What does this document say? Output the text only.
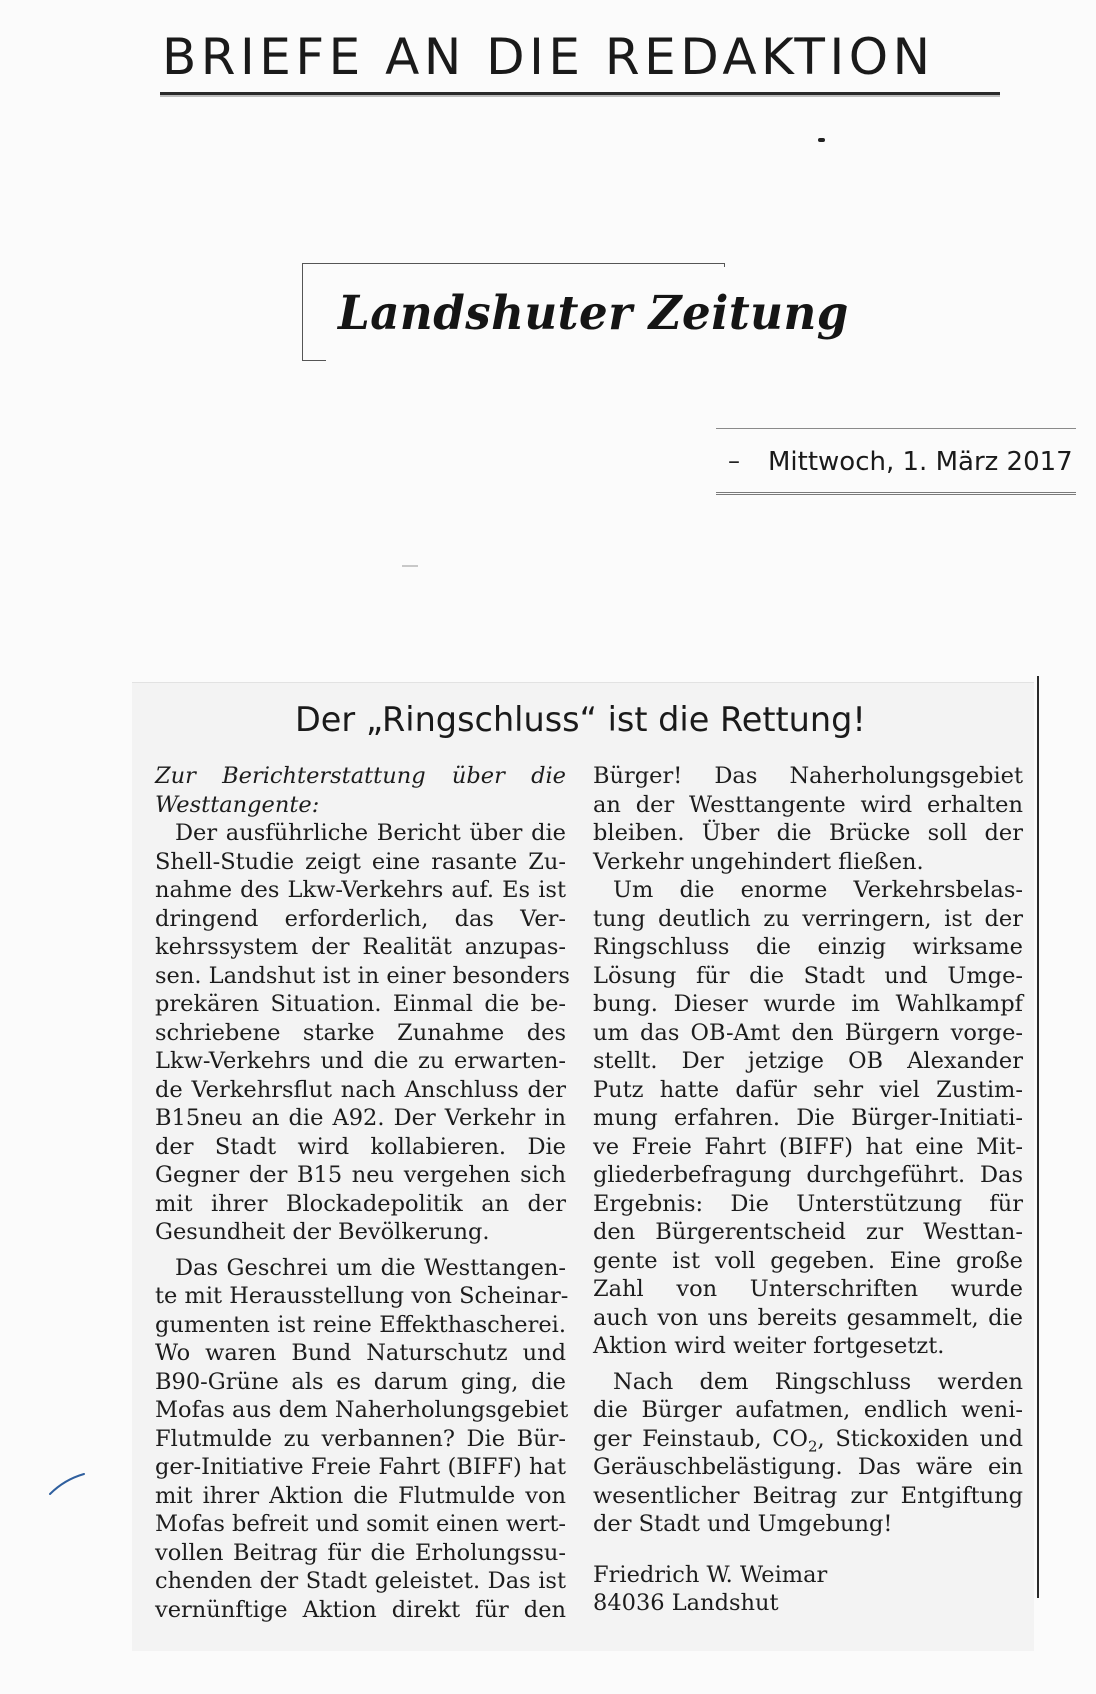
BRIEFE AN DIE REDAKTION
Landshuter Zeitung
– Mittwoch, 1. März 2017
Der „Ringschluss“ ist die Rettung!
Zur Berichterstattung über die
Westtangente:
Der ausführliche Bericht über die
Shell-Studie zeigt eine rasante Zu-
nahme des Lkw-Verkehrs auf. Es ist
dringend erforderlich, das Ver-
kehrssystem der Realität anzupas-
sen. Landshut ist in einer besonders
prekären Situation. Einmal die be-
schriebene starke Zunahme des
Lkw-Verkehrs und die zu erwarten-
de Verkehrsflut nach Anschluss der
B15neu an die A92. Der Verkehr in
der Stadt wird kollabieren. Die
Gegner der B15 neu vergehen sich
mit ihrer Blockadepolitik an der
Gesundheit der Bevölkerung.
Das Geschrei um die Westtangen-
te mit Herausstellung von Scheinar-
gumenten ist reine Effekthascherei.
Wo waren Bund Naturschutz und
B90-Grüne als es darum ging, die
Mofas aus dem Naherholungsgebiet
Flutmulde zu verbannen? Die Bür-
ger-Initiative Freie Fahrt (BIFF) hat
mit ihrer Aktion die Flutmulde von
Mofas befreit und somit einen wert-
vollen Beitrag für die Erholungssu-
chenden der Stadt geleistet. Das ist
vernünftige Aktion direkt für den
Bürger! Das Naherholungsgebiet
an der Westtangente wird erhalten
bleiben. Über die Brücke soll der
Verkehr ungehindert fließen.
Um die enorme Verkehrsbelas-
tung deutlich zu verringern, ist der
Ringschluss die einzig wirksame
Lösung für die Stadt und Umge-
bung. Dieser wurde im Wahlkampf
um das OB-Amt den Bürgern vorge-
stellt. Der jetzige OB Alexander
Putz hatte dafür sehr viel Zustim-
mung erfahren. Die Bürger-Initiati-
ve Freie Fahrt (BIFF) hat eine Mit-
gliederbefragung durchgeführt. Das
Ergebnis: Die Unterstützung für
den Bürgerentscheid zur Westtan-
gente ist voll gegeben. Eine große
Zahl von Unterschriften wurde
auch von uns bereits gesammelt, die
Aktion wird weiter fortgesetzt.
Nach dem Ringschluss werden
die Bürger aufatmen, endlich weni-
ger Feinstaub, $CO_2$, Stickoxiden und
Geräuschbelästigung. Das wäre ein
wesentlicher Beitrag zur Entgiftung
der Stadt und Umgebung!
Friedrich W. Weimar
84036 Landshut
